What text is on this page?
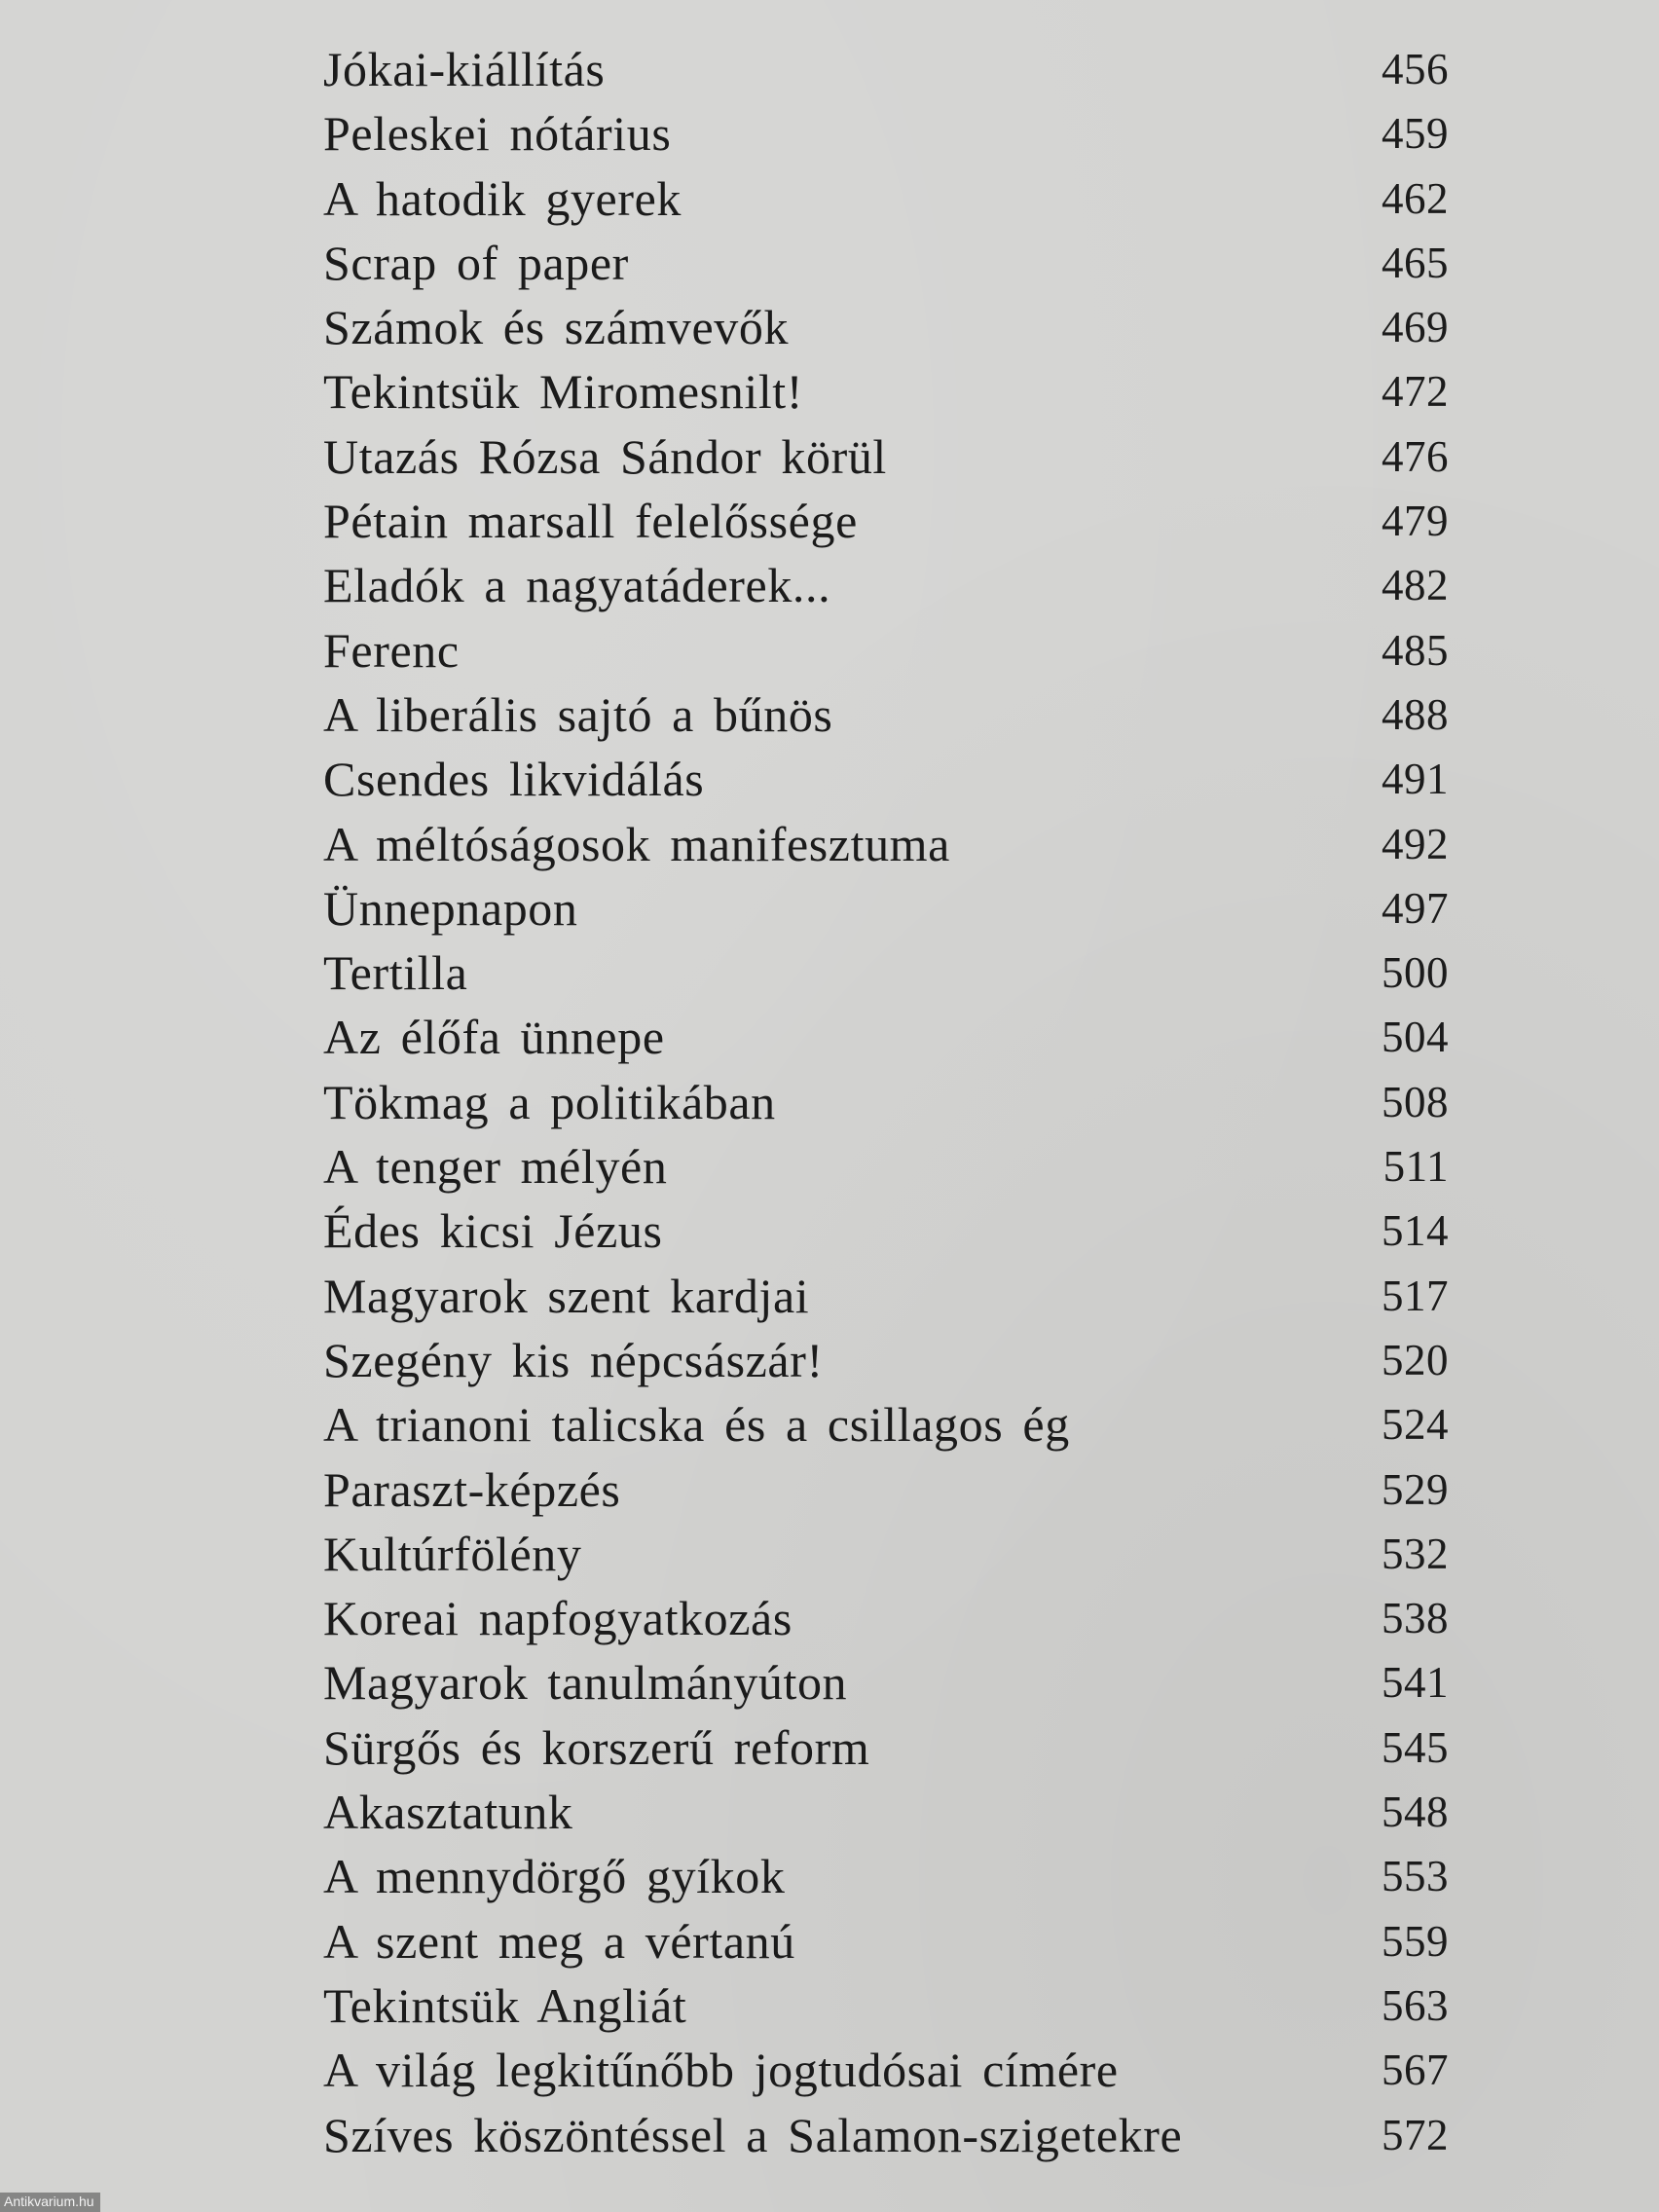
Jókai-kiállítás	456
Peleskei nótárius	459
A hatodik gyerek	462
Scrap of paper	465
Számok és számvevők	469
Tekintsük Miromesnilt!	472
Utazás Rózsa Sándor körül	476
Pétain marsall felelőssége	479
Eladók a nagyatáderek...	482
Ferenc	485
A liberális sajtó a bűnös	488
Csendes likvidálás	491
A méltóságosok manifesztuma	492
Ünnepnapon	497
Tertilla	500
Az élőfa ünnepe	504
Tökmag a politikában	508
A tenger mélyén	511
Édes kicsi Jézus	514
Magyarok szent kardjai	517
Szegény kis népcsászár!	520
A trianoni talicska és a csillagos ég	524
Paraszt-képzés	529
Kultúrfölény	532
Koreai napfogyatkozás	538
Magyarok tanulmányúton	541
Sürgős és korszerű reform	545
Akasztatunk	548
A mennydörgő gyíkok	553
A szent meg a vértanú	559
Tekintsük Angliát	563
A világ legkitűnőbb jogtudósai címére	567
Szíves köszöntéssel a Salamon-szigetekre	572
Antikvarium.hu
